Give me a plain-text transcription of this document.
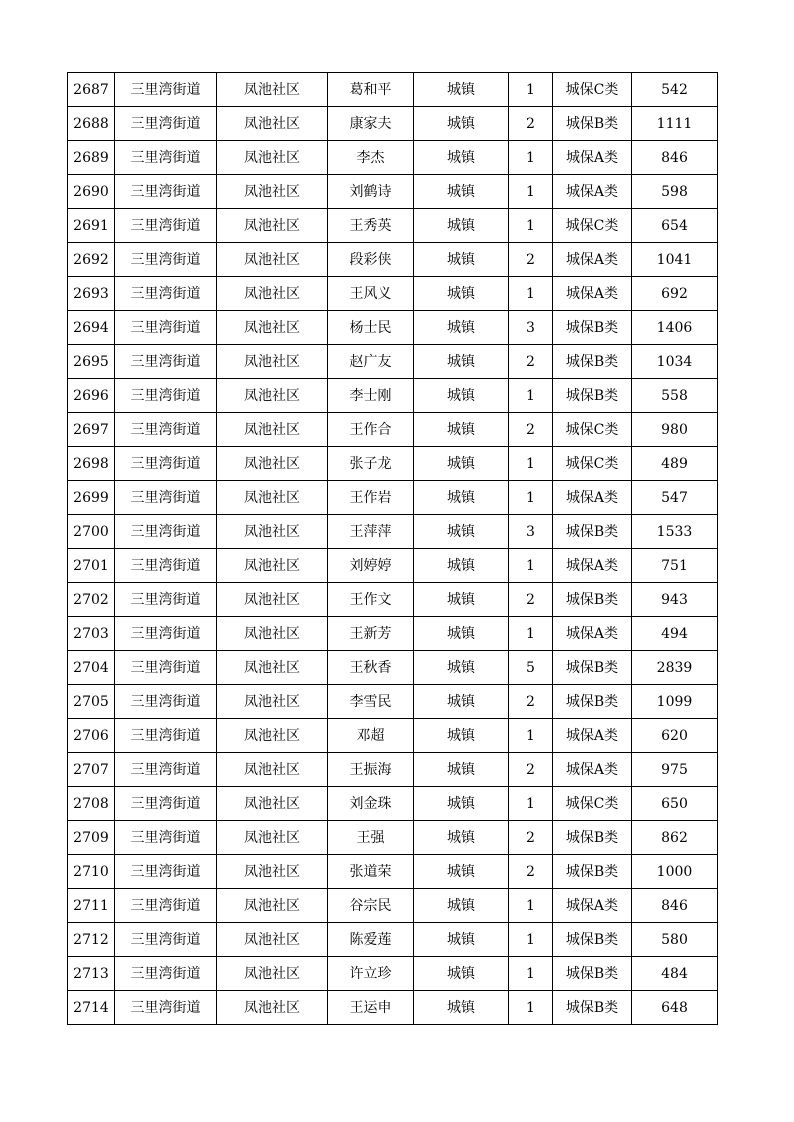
2687	三里湾街道	凤池社区	葛和平	城镇	1	城保C类	542
2688	三里湾街道	凤池社区	康家夫	城镇	2	城保B类	1111
2689	三里湾街道	凤池社区	李杰	城镇	1	城保A类	846
2690	三里湾街道	凤池社区	刘鹤诗	城镇	1	城保A类	598
2691	三里湾街道	凤池社区	王秀英	城镇	1	城保C类	654
2692	三里湾街道	凤池社区	段彩侠	城镇	2	城保A类	1041
2693	三里湾街道	凤池社区	王风义	城镇	1	城保A类	692
2694	三里湾街道	凤池社区	杨士民	城镇	3	城保B类	1406
2695	三里湾街道	凤池社区	赵广友	城镇	2	城保B类	1034
2696	三里湾街道	凤池社区	李士刚	城镇	1	城保B类	558
2697	三里湾街道	凤池社区	王作合	城镇	2	城保C类	980
2698	三里湾街道	凤池社区	张子龙	城镇	1	城保C类	489
2699	三里湾街道	凤池社区	王作岩	城镇	1	城保A类	547
2700	三里湾街道	凤池社区	王萍萍	城镇	3	城保B类	1533
2701	三里湾街道	凤池社区	刘婷婷	城镇	1	城保A类	751
2702	三里湾街道	凤池社区	王作文	城镇	2	城保B类	943
2703	三里湾街道	凤池社区	王新芳	城镇	1	城保A类	494
2704	三里湾街道	凤池社区	王秋香	城镇	5	城保B类	2839
2705	三里湾街道	凤池社区	李雪民	城镇	2	城保B类	1099
2706	三里湾街道	凤池社区	邓超	城镇	1	城保A类	620
2707	三里湾街道	凤池社区	王振海	城镇	2	城保A类	975
2708	三里湾街道	凤池社区	刘金珠	城镇	1	城保C类	650
2709	三里湾街道	凤池社区	王强	城镇	2	城保B类	862
2710	三里湾街道	凤池社区	张道荣	城镇	2	城保B类	1000
2711	三里湾街道	凤池社区	谷宗民	城镇	1	城保A类	846
2712	三里湾街道	凤池社区	陈爱莲	城镇	1	城保B类	580
2713	三里湾街道	凤池社区	许立珍	城镇	1	城保B类	484
2714	三里湾街道	凤池社区	王运申	城镇	1	城保B类	648
